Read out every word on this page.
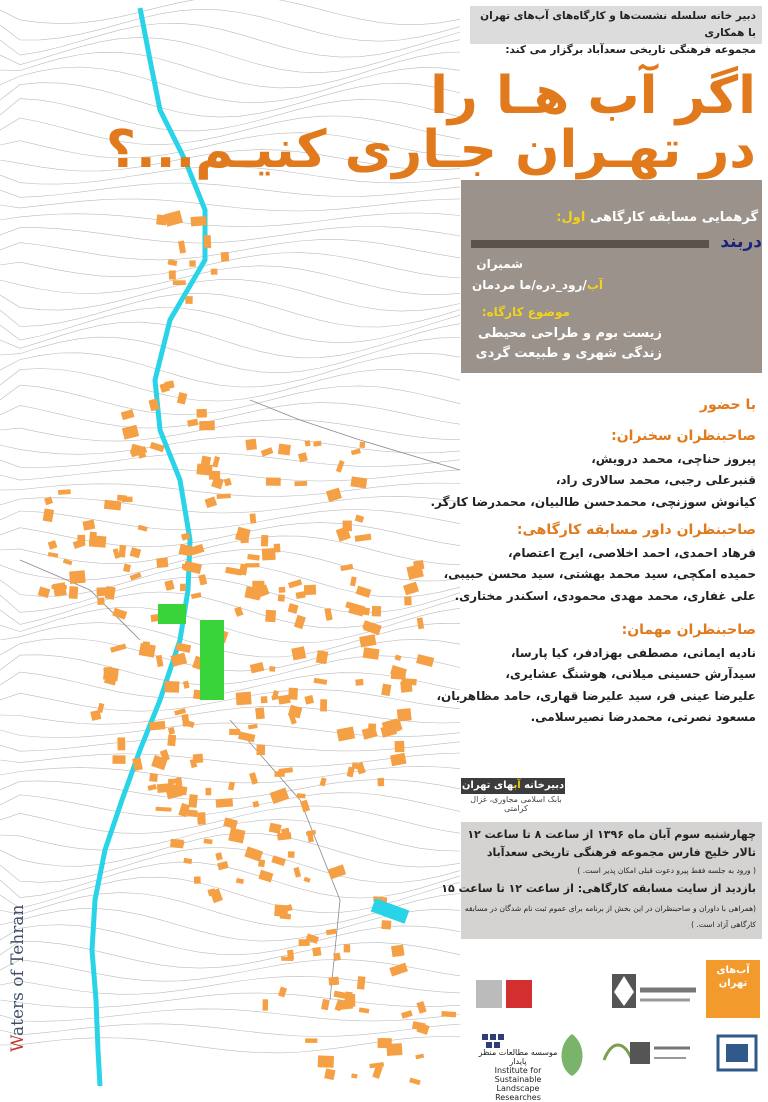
دبیر خانه سلسله نشست‌ها و کارگاه‌های آب‌های تهران با همکاری
مجموعه فرهنگی تاریخی سعدآباد برگزار می کند:
اگر آب‌ هـا را
در تهـران جـاری کنیـم...؟
گرهمایی مسابقه کارگاهی اول:
دربند
شمیران
آب/رود_دره/ما مردمان
موضوع کارگاه:
زیست بوم و طراحی محیطی
زندگی شهری و طبیعت گردی
با حضور
صاحبنظران سخنران:
پیروز حناچی، محمد درویش،
قنبرعلی رجبی، محمد سالاری راد،
کیانوش سوزنچی، محمدحسن طالبیان، محمدرضا کارگر.
صاحبنظران داور مسابقه کارگاهی:
فرهاد احمدی، احمد اخلاصی، ایرج اعتصام،
حمیده امکچی، سید محمد بهشتی، سید محسن حبیبی،
علی غفاری، محمد مهدی محمودی، اسکندر مختاری.
صاحبنظران مهمان:
نادیه ایمانی، مصطفی بهزادفر، کیا پارسا،
سیدآرش حسینی میلانی، هوشنگ عشایری،
علیرضا عینی فر، سید علیرضا قهاری، حامد مظاهریان،
مسعود نصرتی، محمدرضا نصیرسلامی.
دبیرخانه آبهای تهران
بابک اسلامی مجاوری، غزال کرامتی
چهارشنبه سوم آبان ماه ۱۳۹۶ از ساعت ۸ تا ساعت ۱۲
تالار خلیج فارس مجموعه فرهنگی تاریخی سعدآباد
( ورود به جلسه فقط پیرو دعوت قبلی امکان پذیر است. )
بازدید از سایت مسابقه کارگاهی: از ساعت ۱۲ تا ساعت ۱۵
(همراهی با داوران و صاحبنظران در این بخش از برنامه برای عموم ثبت نام شدگان در مسابقه
کارگاهی آزاد است. )
Waters of Tehran	آب‌های
تهران
موسسه مطالعات منظر پایدار
Institute for Sustainable
Landscape Researches
